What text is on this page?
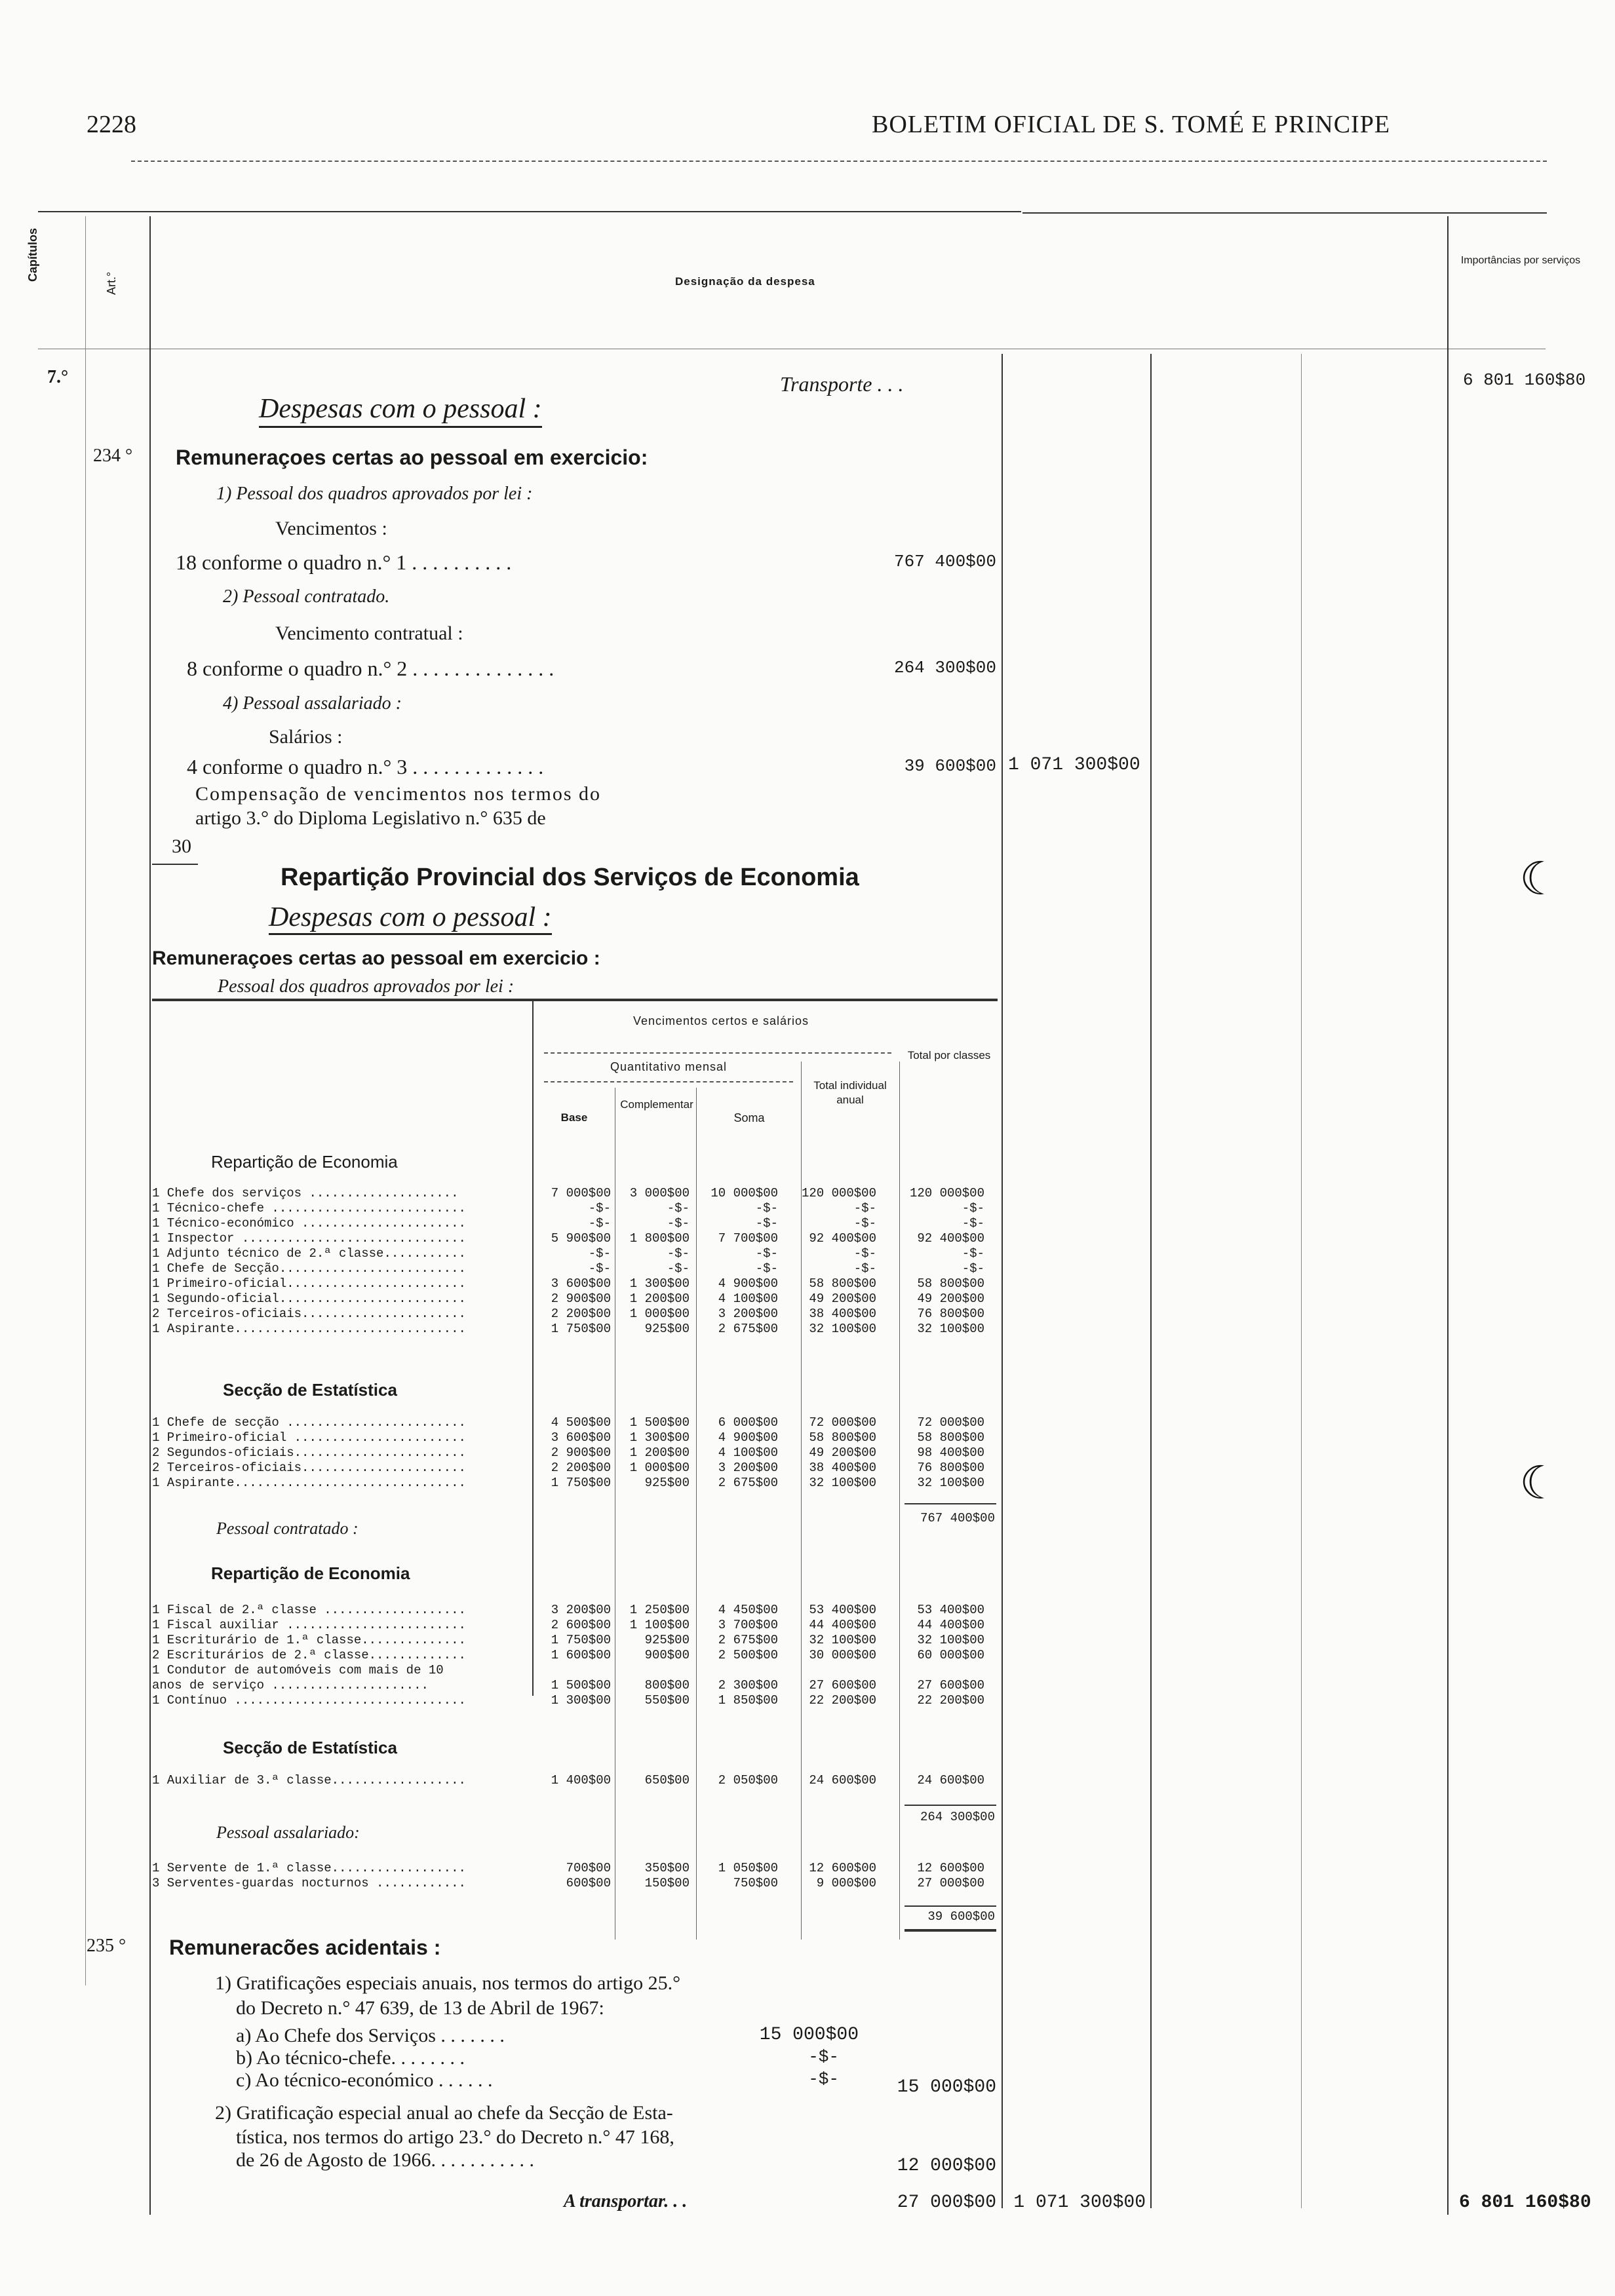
2228	BOLETIM OFICIAL DE S. TOMÉ E PRINCIPE
Capítulos
Art.°	Designação da despesa
Importâncias por serviços
7.°	Transporte . . .	6 801 160$80
Despesas com o pessoal :
234 ° Remuneraçoes certas ao pessoal em exercicio:
1) Pessoal dos quadros aprovados por lei :
Vencimentos :
18 conforme o quadro n.° 1 . . . . . . . . . .	767 400$00
2) Pessoal contratado.
Vencimento contratual :
8 conforme o quadro n.° 2 . . . . . . . . . . . . . .	264 300$00
4) Pessoal assalariado :
Salários :
4 conforme o quadro n.° 3 . . . . . . . . . . . . .	39 600$00 1 071 300$00
Compensação de vencimentos nos termos do
artigo 3.° do Diploma Legislativo n.° 635 de
30
Repartição Provincial dos Serviços de Economia
Despesas com o pessoal :
Remuneraçoes certas ao pessoal em exercicio :
Pessoal dos quadros aprovados por lei :
Vencimentos certos e salários
Quantitativo mensal
Base
Complementar
Soma
Total individual anual
Total por classes
Repartição de Economia
1 Chefe dos serviços ....................	7 000$00	3 000$00	10 000$00	120 000$00	120 000$00
1 Técnico-chefe ..........................	-$-	-$-	-$-	-$-	-$-
1 Técnico-económico ......................	-$-	-$-	-$-	-$-	-$-
1 Inspector ..............................	5 900$00	1 800$00	7 700$00	92 400$00	92 400$00
1 Adjunto técnico de 2.ª classe...........	-$-	-$-	-$-	-$-	-$-
1 Chefe de Secção.........................	-$-	-$-	-$-	-$-	-$-
1 Primeiro-oficial........................	3 600$00	1 300$00	4 900$00	58 800$00	58 800$00
1 Segundo-oficial.........................	2 900$00	1 200$00	4 100$00	49 200$00	49 200$00
2 Terceiros-oficiais......................	2 200$00	1 000$00	3 200$00	38 400$00	76 800$00
1 Aspirante...............................	1 750$00	925$00	2 675$00	32 100$00	32 100$00
Secção de Estatística
1 Chefe de secção ........................	4 500$00	1 500$00	6 000$00	72 000$00	72 000$00
1 Primeiro-oficial .......................	3 600$00	1 300$00	4 900$00	58 800$00	58 800$00
2 Segundos-oficiais.......................	2 900$00	1 200$00	4 100$00	49 200$00	98 400$00
2 Terceiros-oficiais......................	2 200$00	1 000$00	3 200$00	38 400$00	76 800$00
1 Aspirante...............................	1 750$00	925$00	2 675$00	32 100$00	32 100$00
767 400$00
Pessoal contratado :
Repartição de Economia
1 Fiscal de 2.ª classe ...................	3 200$00	1 250$00	4 450$00	53 400$00	53 400$00
1 Fiscal auxiliar ........................	2 600$00	1 100$00	3 700$00	44 400$00	44 400$00
1 Escriturário de 1.ª classe..............	1 750$00	925$00	2 675$00	32 100$00	32 100$00
2 Escriturários de 2.ª classe.............	1 600$00	900$00	2 500$00	30 000$00	60 000$00
1 Condutor de automóveis com mais de 10
anos de serviço .....................	1 500$00	800$00	2 300$00	27 600$00	27 600$00
1 Contínuo ...............................	1 300$00	550$00	1 850$00	22 200$00	22 200$00
Secção de Estatística
1 Auxiliar de 3.ª classe..................	1 400$00	650$00	2 050$00	24 600$00	24 600$00
264 300$00
Pessoal assalariado:
1 Servente de 1.ª classe..................	700$00	350$00	1 050$00	12 600$00	12 600$00
3 Serventes-guardas nocturnos ............	600$00	150$00	750$00	9 000$00	27 000$00
39 600$00
235 ° Remuneracões acidentais :
1) Gratificações especiais anuais, nos termos do artigo 25.°
do Decreto n.° 47 639, de 13 de Abril de 1967:
a) Ao Chefe dos Serviços . . . . . . .	15 000$00
b) Ao técnico-chefe. . . . . . . .	-$-
c) Ao técnico-económico . . . . . .	-$-	15 000$00
2) Gratificação especial anual ao chefe da Secção de Esta-
tística, nos termos do artigo 23.° do Decreto n.° 47 168,
de 26 de Agosto de 1966. . . . . . . . . . .	12 000$00
A transportar. . .	27 000$00 1 071 300$00	6 801 160$80
☾
☾
